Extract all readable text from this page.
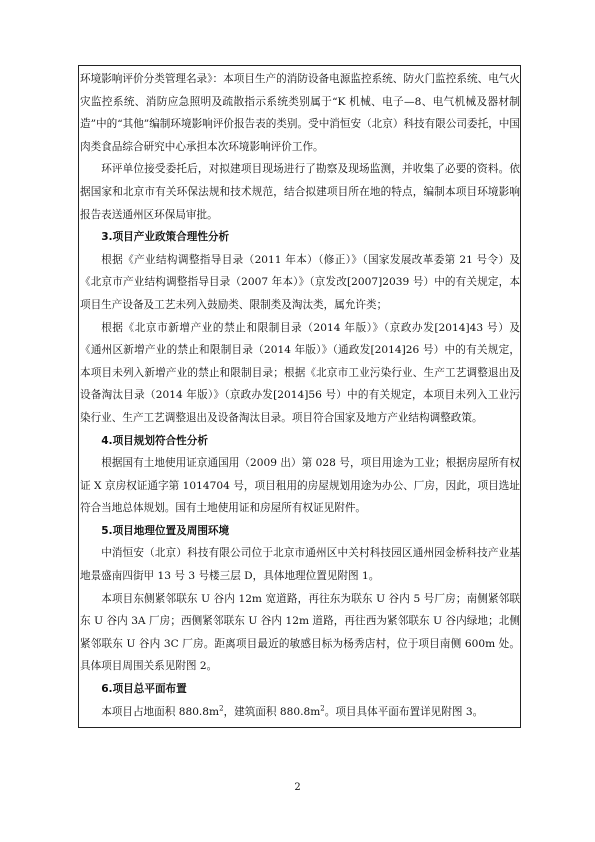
环境影响评价分类管理名录》：本项目生产的消防设备电源监控系统、防火门监控系统、电气火灾监控系统、消防应急照明及疏散指示系统类别属于“K 机械、电子—8、电气机械及器材制造”中的“其他”编制环境影响评价报告表的类别。受中消恒安（北京）科技有限公司委托，中国肉类食品综合研究中心承担本次环境影响评价工作。

环评单位接受委托后，对拟建项目现场进行了勘察及现场监测，并收集了必要的资料。依据国家和北京市有关环保法规和技术规范，结合拟建项目所在地的特点，编制本项目环境影响报告表送通州区环保局审批。

3.项目产业政策合理性分析

根据《产业结构调整指导目录（2011 年本）（修正）》（国家发展改革委第 21 号令）及《北京市产业结构调整指导目录（2007 年本）》（京发改[2007]2039 号）中的有关规定，本项目生产设备及工艺未列入鼓励类、限制类及淘汰类，属允许类；

根据《北京市新增产业的禁止和限制目录（2014 年版）》（京政办发[2014]43 号）及《通州区新增产业的禁止和限制目录（2014 年版）》（通政发[2014]26 号）中的有关规定，本项目未列入新增产业的禁止和限制目录；根据《北京市工业污染行业、生产工艺调整退出及设备淘汰目录（2014 年版）》（京政办发[2014]56 号）中的有关规定，本项目未列入工业污染行业、生产工艺调整退出及设备淘汰目录。项目符合国家及地方产业结构调整政策。

4.项目规划符合性分析

根据国有土地使用证京通国用（2009 出）第 028 号，项目用途为工业；根据房屋所有权证 X 京房权证通字第 1014704 号，项目租用的房屋规划用途为办公、厂房，因此，项目选址符合当地总体规划。国有土地使用证和房屋所有权证见附件。

5.项目地理位置及周围环境

中消恒安（北京）科技有限公司位于北京市通州区中关村科技园区通州园金桥科技产业基地景盛南四街甲 13 号 3 号楼三层 D，具体地理位置见附图 1。

本项目东侧紧邻联东 U 谷内 12m 宽道路，再往东为联东 U 谷内 5 号厂房；南侧紧邻联东 U 谷内 3A 厂房；西侧紧邻联东 U 谷内 12m 道路，再往西为紧邻联东 U 谷内绿地；北侧紧邻联东 U 谷内 3C 厂房。距离项目最近的敏感目标为杨秀店村，位于项目南侧 600m 处。具体项目周围关系见附图 2。

6.项目总平面布置

本项目占地面积 $880.8m^2$，建筑面积 $880.8m^2$。项目具体平面布置详见附图 3。

2
